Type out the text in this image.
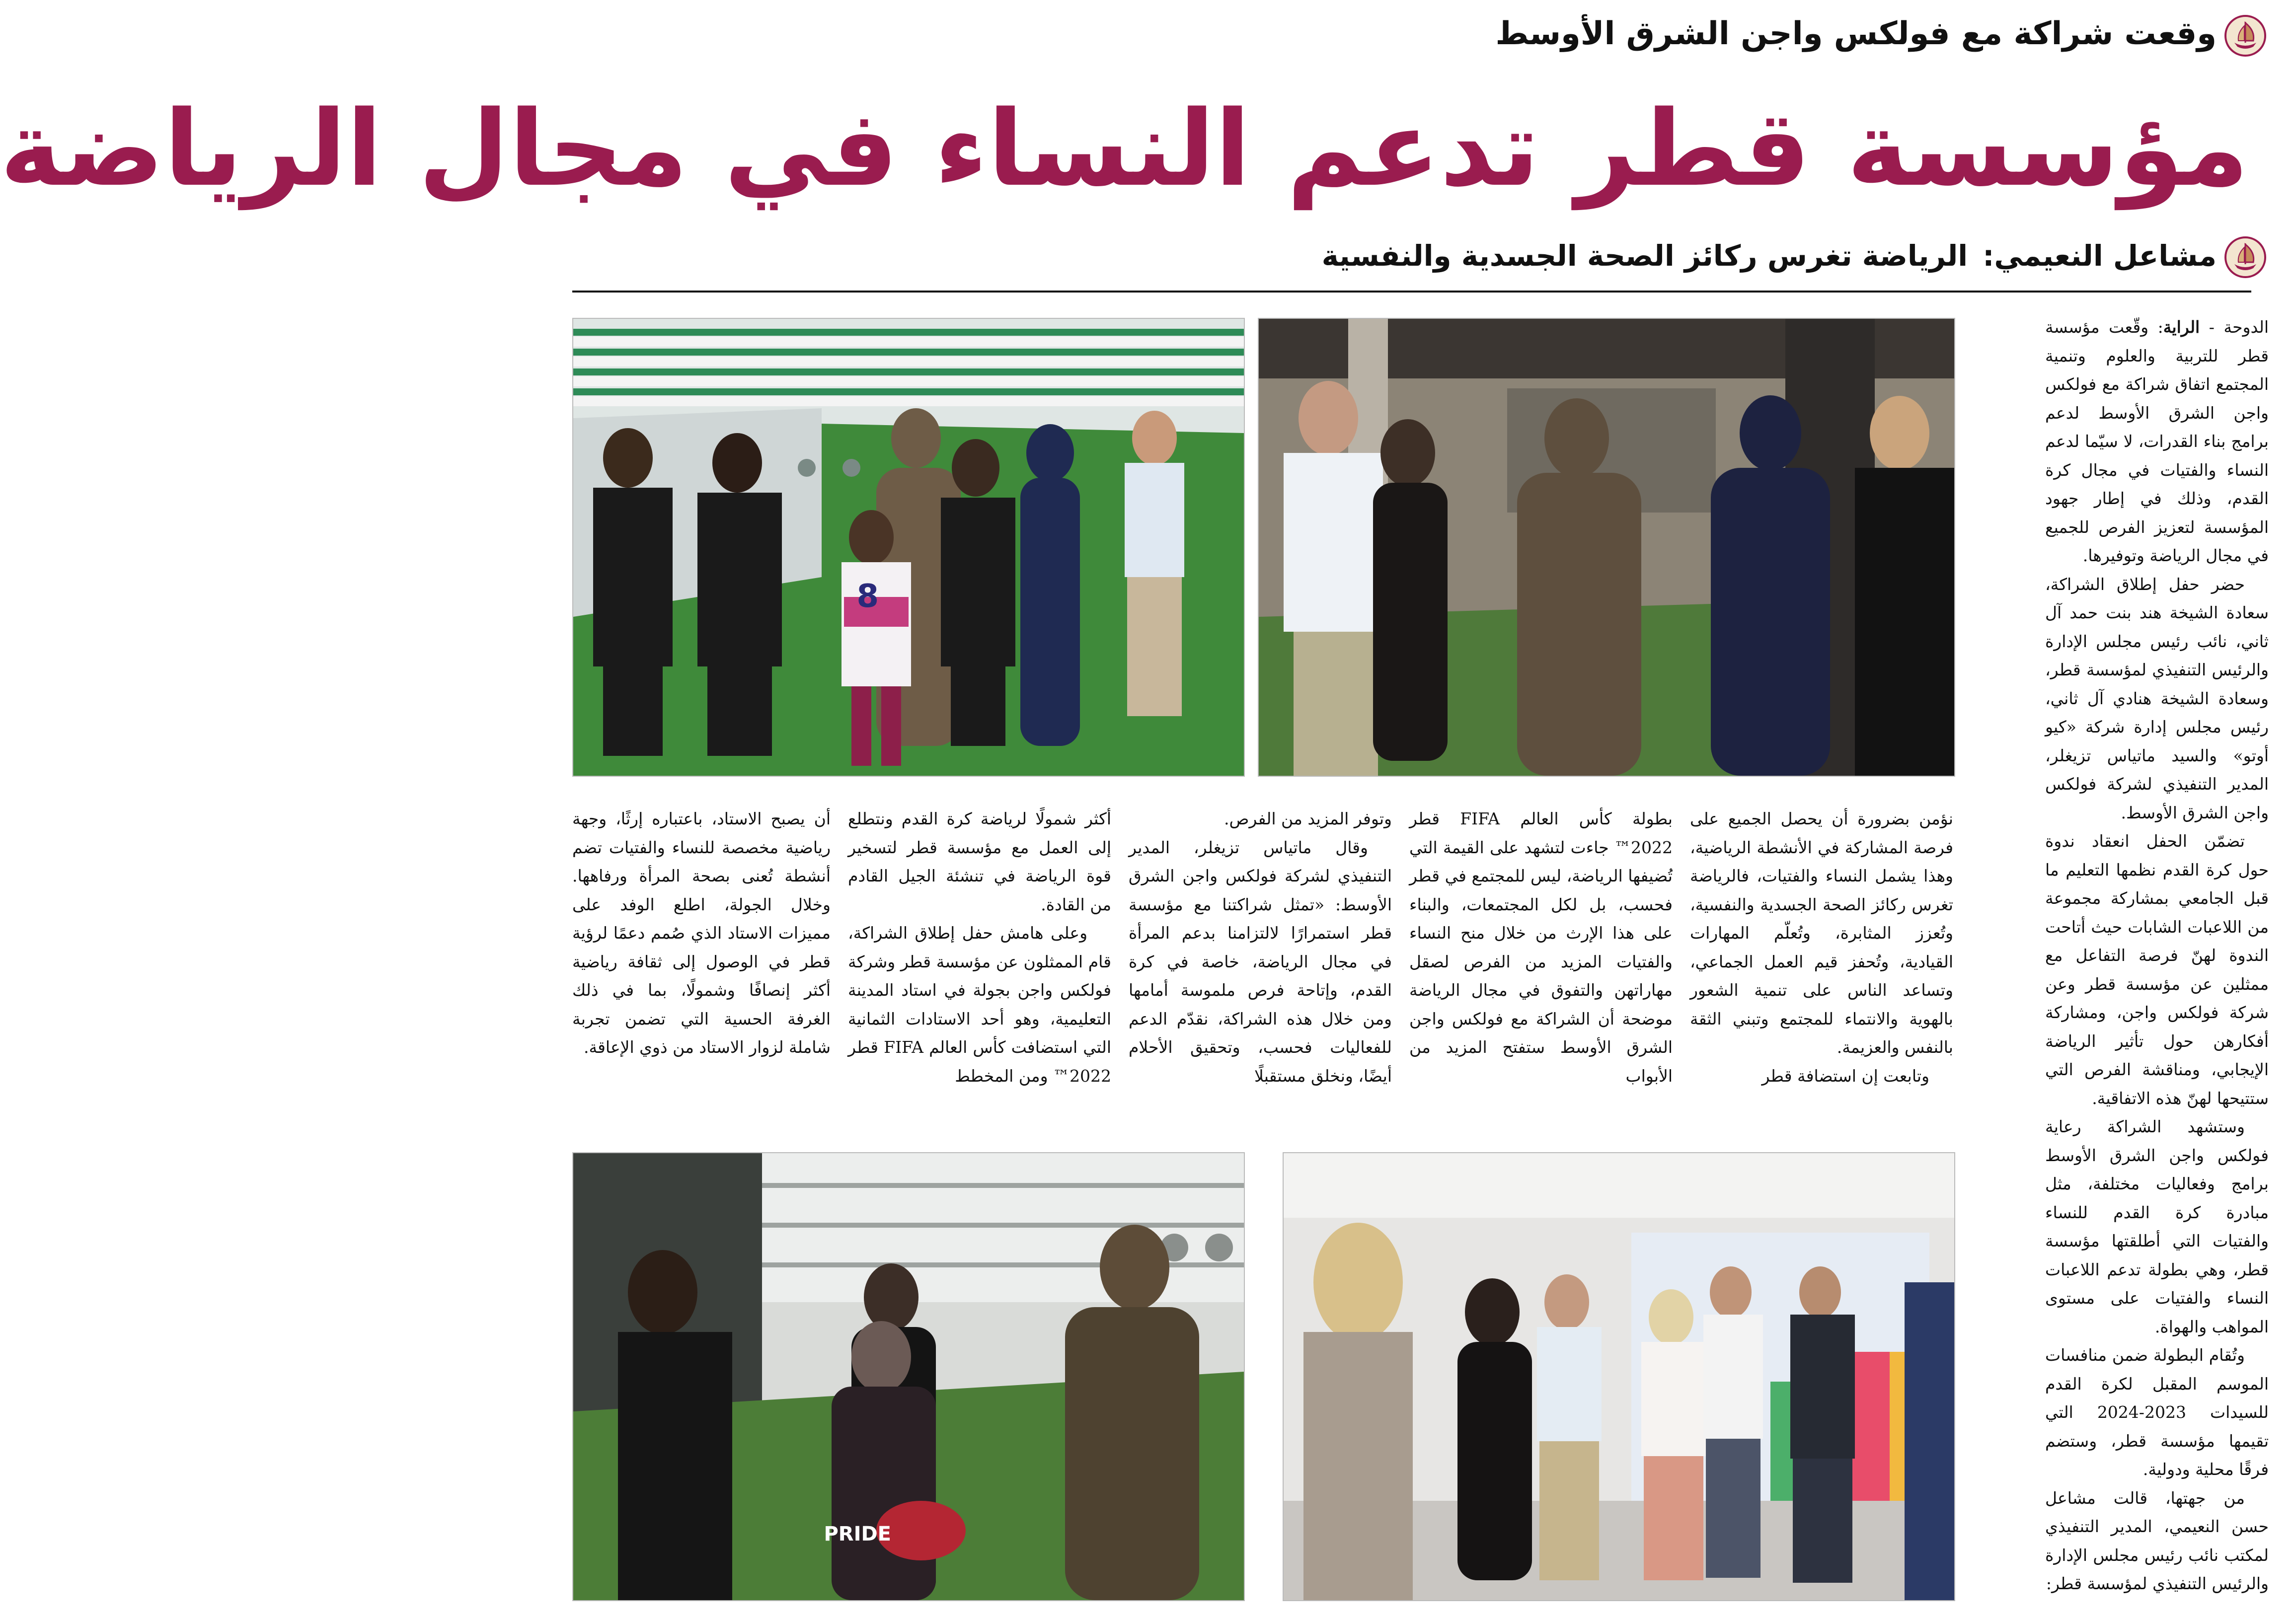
وقعت شراكة مع فولكس واجن الشرق الأوسط
مؤسسة قطر تدعم النساء في مجال الرياضة
مشاعل النعيمي:
الرياضة تغرس ركائز الصحة الجسدية والنفسية

الدوحة - الراية: وقّعت مؤسسة قطر للتربية والعلوم وتنمية المجتمع اتفاق شراكة مع فولكس واجن الشرق الأوسط لدعم برامج بناء القدرات، لا سيّما لدعم النساء والفتيات في مجال كرة القدم، وذلك في إطار جهود المؤسسة لتعزيز الفرص للجميع في مجال الرياضة وتوفيرها.

حضر حفل إطلاق الشراكة، سعادة الشيخة هند بنت حمد آل ثاني، نائب رئيس مجلس الإدارة والرئيس التنفيذي لمؤسسة قطر، وسعادة الشيخة هنادي آل ثاني، رئيس مجلس إدارة شركة «كيو أوتو» والسيد ماتياس تزيغلر، المدير التنفيذي لشركة فولكس واجن الشرق الأوسط.

تضمّن الحفل انعقاد ندوة حول كرة القدم نظمها التعليم ما قبل الجامعي بمشاركة مجموعة من اللاعبات الشابات حيث أتاحت الندوة لهنّ فرصة التفاعل مع ممثلين عن مؤسسة قطر وعن شركة فولكس واجن، ومشاركة أفكارهن حول تأثير الرياضة الإيجابي، ومناقشة الفرص التي ستتيحها لهنّ هذه الاتفاقية.

وستشهد الشراكة رعاية فولكس واجن الشرق الأوسط برامج وفعاليات مختلفة، مثل مبادرة كرة القدم للنساء والفتيات التي أطلقتها مؤسسة قطر، وهي بطولة تدعم اللاعبات النساء والفتيات على مستوى المواهب والهواة.

وتُقام البطولة ضمن منافسات الموسم المقبل لكرة القدم للسيدات 2023-2024 التي تقيمها مؤسسة قطر، وستضم فرقًا محلية ودولية.

من جهتها، قالت مشاعل حسن النعيمي، المدير التنفيذي لمكتب نائب رئيس مجلس الإدارة والرئيس التنفيذي لمؤسسة قطر:

نؤمن بضرورة أن يحصل الجميع على فرصة المشاركة في الأنشطة الرياضية، وهذا يشمل النساء والفتيات، فالرياضة تغرس ركائز الصحة الجسدية والنفسية، وتُعزز المثابرة، وتُعلّم المهارات القيادية، وتُحفز قيم العمل الجماعي، وتساعد الناس على تنمية الشعور بالهوية والانتماء للمجتمع وتبني الثقة بالنفس والعزيمة.

وتابعت إن استضافة قطر

بطولة كأس العالم FIFA قطر 2022™ جاءت لتشهد على القيمة التي تُضيفها الرياضة، ليس للمجتمع في قطر فحسب، بل لكل المجتمعات، والبناء على هذا الإرث من خلال منح النساء والفتيات المزيد من الفرص لصقل مهاراتهن والتفوق في مجال الرياضة موضحة أن الشراكة مع فولكس واجن الشرق الأوسط ستفتح المزيد من الأبواب

وتوفر المزيد من الفرص.

وقال ماتياس تزيغلر، المدير التنفيذي لشركة فولكس واجن الشرق الأوسط: «تمثل شراكتنا مع مؤسسة قطر استمرارًا لالتزامنا بدعم المرأة في مجال الرياضة، خاصة في كرة القدم، وإتاحة فرص ملموسة أمامها ومن خلال هذه الشراكة، نقدّم الدعم للفعاليات فحسب، وتحقيق الأحلام أيضًا، ونخلق مستقبلًا

أكثر شمولًا لرياضة كرة القدم ونتطلع إلى العمل مع مؤسسة قطر لتسخير قوة الرياضة في تنشئة الجيل القادم من القادة.

وعلى هامش حفل إطلاق الشراكة، قام الممثلون عن مؤسسة قطر وشركة فولكس واجن بجولة في استاد المدينة التعليمية، وهو أحد الاستادات الثمانية التي استضافت كأس العالم FIFA قطر 2022™ ومن المخطط

أن يصبح الاستاد، باعتباره إرثًا، وجهة رياضية مخصصة للنساء والفتيات تضم أنشطة تُعنى بصحة المرأة ورفاهها. وخلال الجولة، اطلع الوفد على مميزات الاستاد الذي صُمم دعمًا لرؤية قطر في الوصول إلى ثقافة رياضية أكثر إنصافًا وشمولًا، بما في ذلك الغرفة الحسية التي تضمن تجربة شاملة لزوار الاستاد من ذوي الإعاقة.

8
PRIDE
